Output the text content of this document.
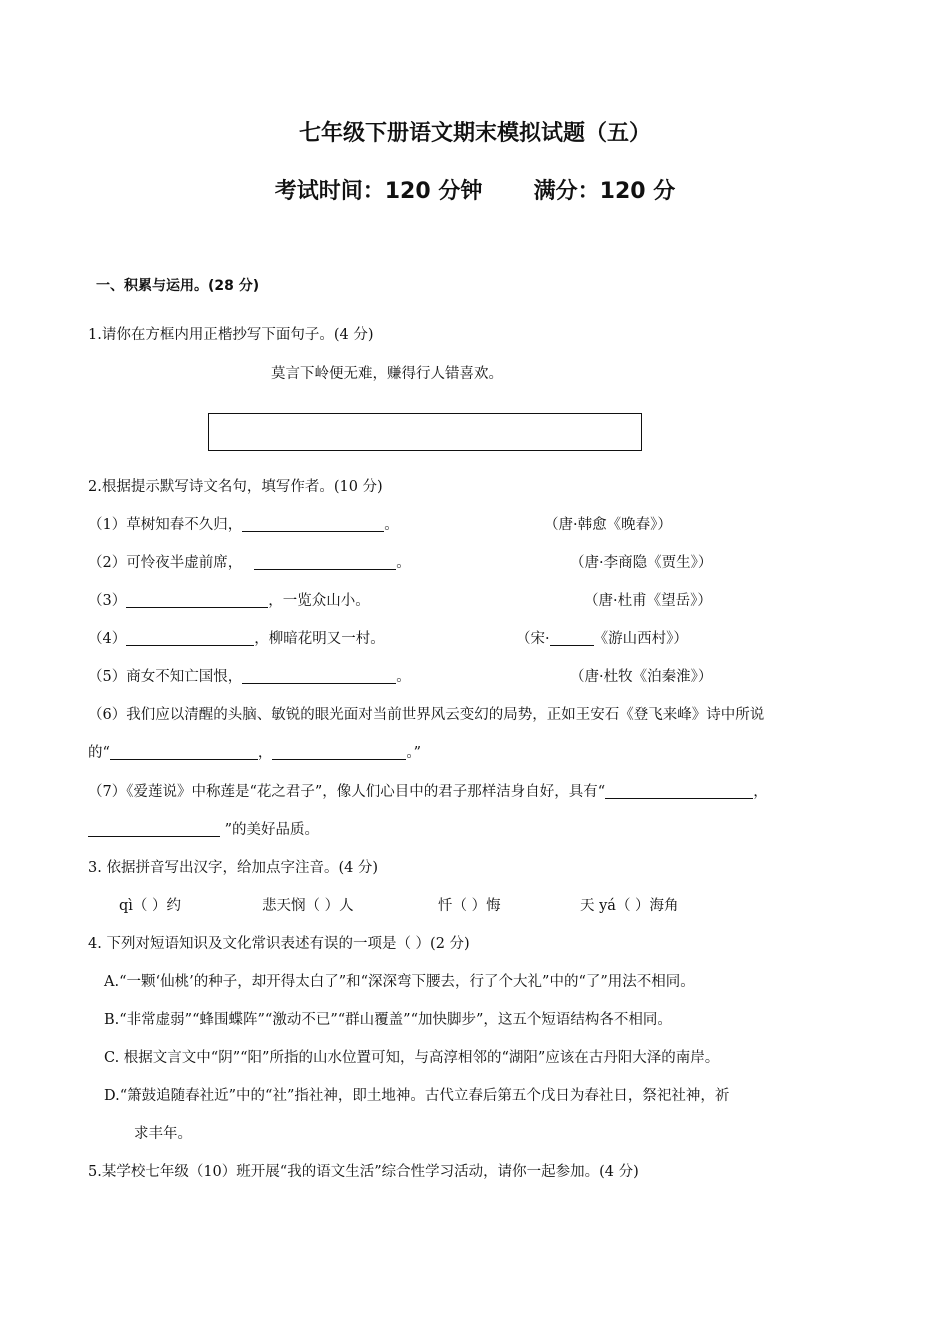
七年级下册语文期末模拟试题（五）
考试时间：120 分钟 满分：120 分
一、积累与运用。(28 分)
1.请你在方框内用正楷抄写下面句子。(4 分)
莫言下岭便无难，赚得行人错喜欢。
2.根据提示默写诗文名句，填写作者。(10 分)
（1）草树知春不久归，	。	（唐·韩愈《晚春》）
（2）可怜夜半虚前席，	。	（唐·李商隐《贾生》）
（3）	，一览众山小。	（唐·杜甫《望岳》）
（4）	，柳暗花明又一村。	（宋·	《游山西村》）
（5）商女不知亡国恨，	。	（唐·杜牧《泊秦淮》）
（6）我们应以清醒的头脑、敏锐的眼光面对当前世界风云变幻的局势，正如王安石《登飞来峰》诗中所说
的“	，	。”
（7）《爱莲说》中称莲是“花之君子”，像人们心目中的君子那样洁身自好，具有“	，
”的美好品质。
3. 依据拼音写出汉字，给加点字注音。(4 分)
qì（ ）约	悲天悯（ ）人	忏（ ）悔	天 yá（ ）海角
4. 下列对短语知识及文化常识表述有误的一项是（ ）(2 分)
A.“一颗‘仙桃’的种子，却开得太白了”和“深深弯下腰去，行了个大礼”中的“了”用法不相同。
B.“非常虚弱”“蜂围蝶阵”“激动不已”“群山覆盖”“加快脚步”，这五个短语结构各不相同。
C. 根据文言文中“阴”“阳”所指的山水位置可知，与高淳相邻的“湖阳”应该在古丹阳大泽的南岸。
D.“箫鼓追随春社近”中的“社”指社神，即土地神。古代立春后第五个戊日为春社日，祭祀社神，祈
求丰年。
5.某学校七年级（10）班开展“我的语文生活”综合性学习活动，请你一起参加。(4 分)
